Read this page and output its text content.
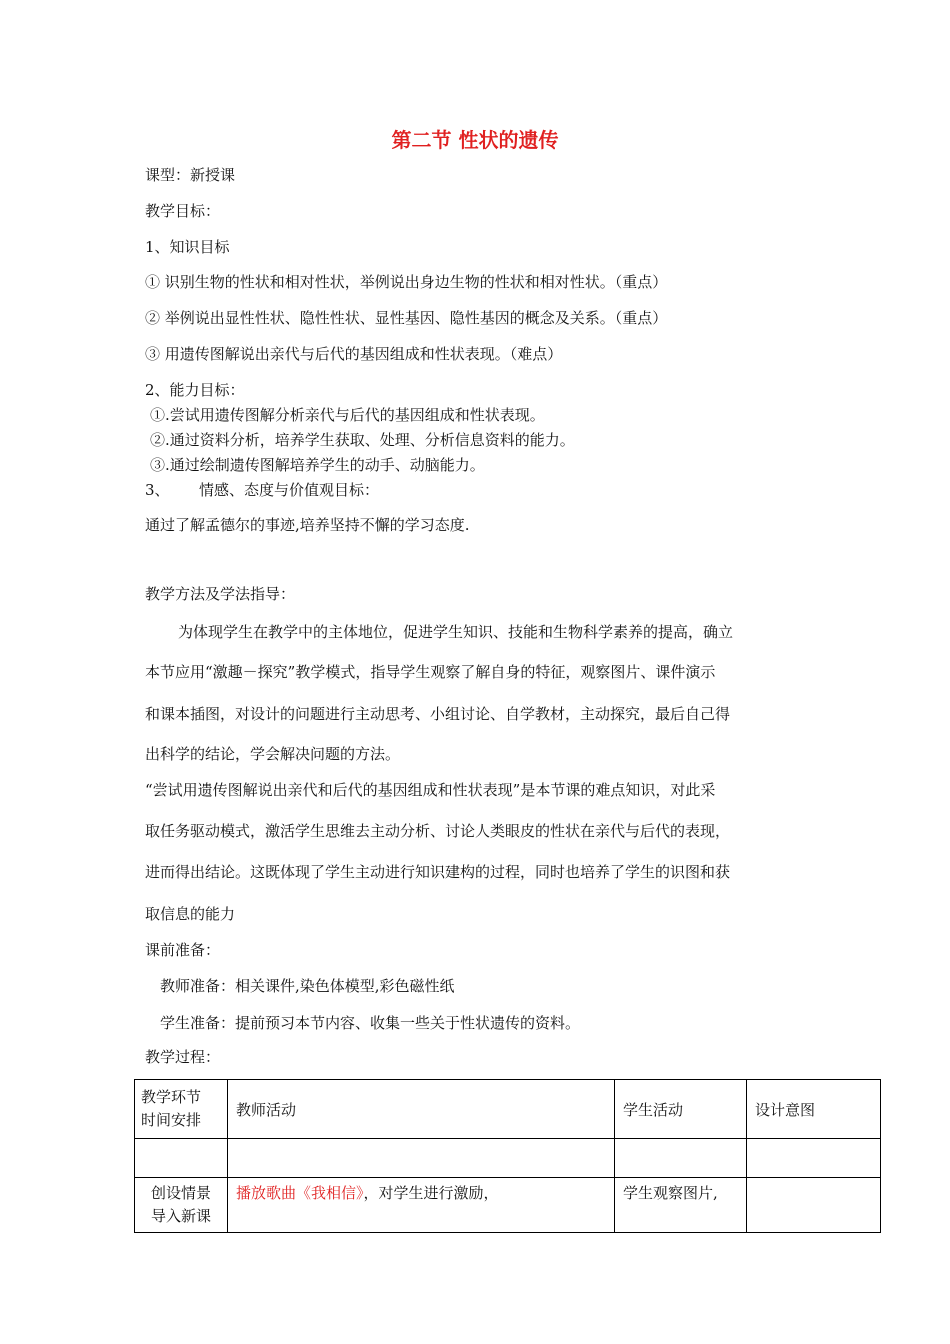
第二节 性状的遗传
课型：新授课
教学目标：
1、知识目标
① 识别生物的性状和相对性状，举例说出身边生物的性状和相对性状。（重点）
② 举例说出显性性状、隐性性状、显性基因、隐性基因的概念及关系。（重点）
③ 用遗传图解说出亲代与后代的基因组成和性状表现。（难点）
2、能力目标：
①.尝试用遗传图解分析亲代与后代的基因组成和性状表现。
②.通过资料分析，培养学生获取、处理、分析信息资料的能力。
③.通过绘制遗传图解培养学生的动手、动脑能力。
3、 情感、态度与价值观目标：
通过了解孟德尔的事迹,培养坚持不懈的学习态度.
教学方法及学法指导：
为体现学生在教学中的主体地位，促进学生知识、技能和生物科学素养的提高，确立
本节应用“激趣－探究”教学模式，指导学生观察了解自身的特征，观察图片、课件演示
和课本插图，对设计的问题进行主动思考、小组讨论、自学教材，主动探究，最后自己得
出科学的结论，学会解决问题的方法。
“尝试用遗传图解说出亲代和后代的基因组成和性状表现”是本节课的难点知识，对此采
取任务驱动模式，激活学生思维去主动分析、讨论人类眼皮的性状在亲代与后代的表现，
进而得出结论。这既体现了学生主动进行知识建构的过程，同时也培养了学生的识图和获
取信息的能力
课前准备：
教师准备：相关课件,染色体模型,彩色磁性纸
学生准备：提前预习本节内容、收集一些关于性状遗传的资料。
教学过程：
教学环节
时间安排	教师活动	学生活动	设计意图

创设情景
导入新课	播放歌曲《我相信》，对学生进行激励，	学生观察图片,	
